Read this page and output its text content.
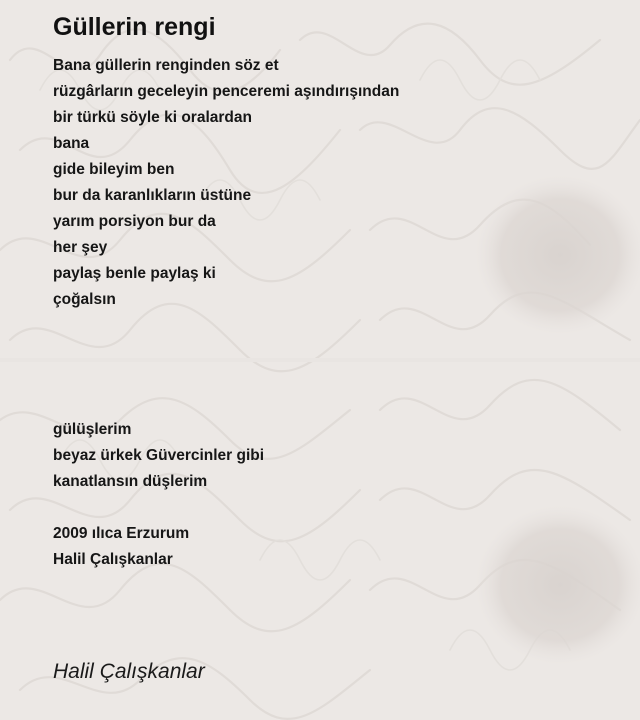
Güllerin rengi
Bana güllerin renginden söz et
rüzgârların geceleyin penceremi aşındırışından
bir türkü söyle ki oralardan
bana
gide bileyim ben
bur da karanlıkların üstüne
yarım porsiyon bur da
her şey
paylaş benle paylaş ki
çoğalsın
gülüşlerim
beyaz ürkek Güvercinler gibi
kanatlansın düşlerim
2009 ılıca Erzurum
Halil Çalışkanlar
Halil Çalışkanlar
